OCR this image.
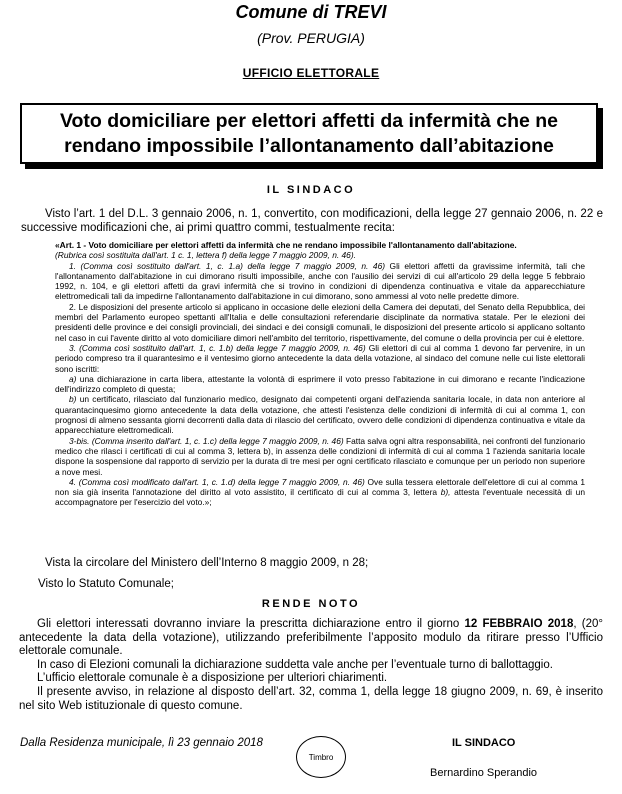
Comune di TREVI
(Prov. PERUGIA)
UFFICIO ELETTORALE
Voto domiciliare per elettori affetti da infermità che ne
rendano impossibile l’allontanamento dall’abitazione
IL SINDACO
Visto l’art. 1 del D.L. 3 gennaio 2006, n. 1, convertito, con modificazioni, della legge 27 gennaio 2006, n. 22 e successive modificazioni che, ai primi quattro commi, testualmente recita:

«Art. 1 - Voto domiciliare per elettori affetti da infermità che ne rendano impossibile l'allontanamento dall'abitazione.

(Rubrica così sostituita dall'art. 1 c. 1, lettera f) della legge 7 maggio 2009, n. 46).

1. (Comma così sostituito dall'art. 1, c. 1.a) della legge 7 maggio 2009, n. 46) Gli elettori affetti da gravissime infermità, tali che l'allontanamento dall'abitazione in cui dimorano risulti impossibile, anche con l'ausilio dei servizi di cui all'articolo 29 della legge 5 febbraio 1992, n. 104, e gli elettori affetti da gravi infermità che si trovino in condizioni di dipendenza continuativa e vitale da apparecchiature elettromedicali tali da impedirne l'allontanamento dall'abitazione in cui dimorano, sono ammessi al voto nelle predette dimore.

2. Le disposizioni del presente articolo si applicano in occasione delle elezioni della Camera dei deputati, del Senato della Repubblica, dei membri del Parlamento europeo spettanti all'Italia e delle consultazioni referendarie disciplinate da normativa statale. Per le elezioni dei presidenti delle province e dei consigli provinciali, dei sindaci e dei consigli comunali, le disposizioni del presente articolo si applicano soltanto nel caso in cui l'avente diritto al voto domiciliare dimori nell'ambito del territorio, rispettivamente, del comune o della provincia per cui è elettore.

3. (Comma così sostituito dall'art. 1, c. 1.b) della legge 7 maggio 2009, n. 46) Gli elettori di cui al comma 1 devono far pervenire, in un periodo compreso tra il quarantesimo e il ventesimo giorno antecedente la data della votazione, al sindaco del comune nelle cui liste elettorali sono iscritti:

a) una dichiarazione in carta libera, attestante la volontà di esprimere il voto presso l'abitazione in cui dimorano e recante l'indicazione dell'indirizzo completo di questa;

b) un certificato, rilasciato dal funzionario medico, designato dai competenti organi dell'azienda sanitaria locale, in data non anteriore al quarantacinquesimo giorno antecedente la data della votazione, che attesti l'esistenza delle condizioni di infermità di cui al comma 1, con prognosi di almeno sessanta giorni decorrenti dalla data di rilascio del certificato, ovvero delle condizioni di dipendenza continuativa e vitale da apparecchiature elettromedicali.

3-bis. (Comma inserito dall'art. 1, c. 1.c) della legge 7 maggio 2009, n. 46) Fatta salva ogni altra responsabilità, nei confronti del funzionario medico che rilasci i certificati di cui al comma 3, lettera b), in assenza delle condizioni di infermità di cui al comma 1 l'azienda sanitaria locale dispone la sospensione dal rapporto di servizio per la durata di tre mesi per ogni certificato rilasciato e comunque per un periodo non superiore a nove mesi.

4. (Comma così modificato dall'art. 1, c. 1.d) della legge 7 maggio 2009, n. 46) Ove sulla tessera elettorale dell'elettore di cui al comma 1 non sia già inserita l'annotazione del diritto al voto assistito, il certificato di cui al comma 3, lettera b), attesta l'eventuale necessità di un accompagnatore per l'esercizio del voto.»;

Vista la circolare del Ministero dell’Interno 8 maggio 2009, n 28;
Visto lo Statuto Comunale;
RENDE NOTO

Gli elettori interessati dovranno inviare la prescritta dichiarazione entro il giorno 12 FEBBRAIO 2018, (20° antecedente la data della votazione), utilizzando preferibilmente l’apposito modulo da ritirare presso l’Ufficio elettorale comunale.

In caso di Elezioni comunali la dichiarazione suddetta vale anche per l’eventuale turno di ballottaggio.

L’ufficio elettorale comunale è a disposizione per ulteriori chiarimenti.

Il presente avviso, in relazione al disposto dell’art. 32, comma 1, della legge 18 giugno 2009, n. 69, è inserito nel sito Web istituzionale di questo comune.

Dalla Residenza municipale, lì 23 gennaio 2018
Timbro
IL SINDACO
Bernardino Sperandio
